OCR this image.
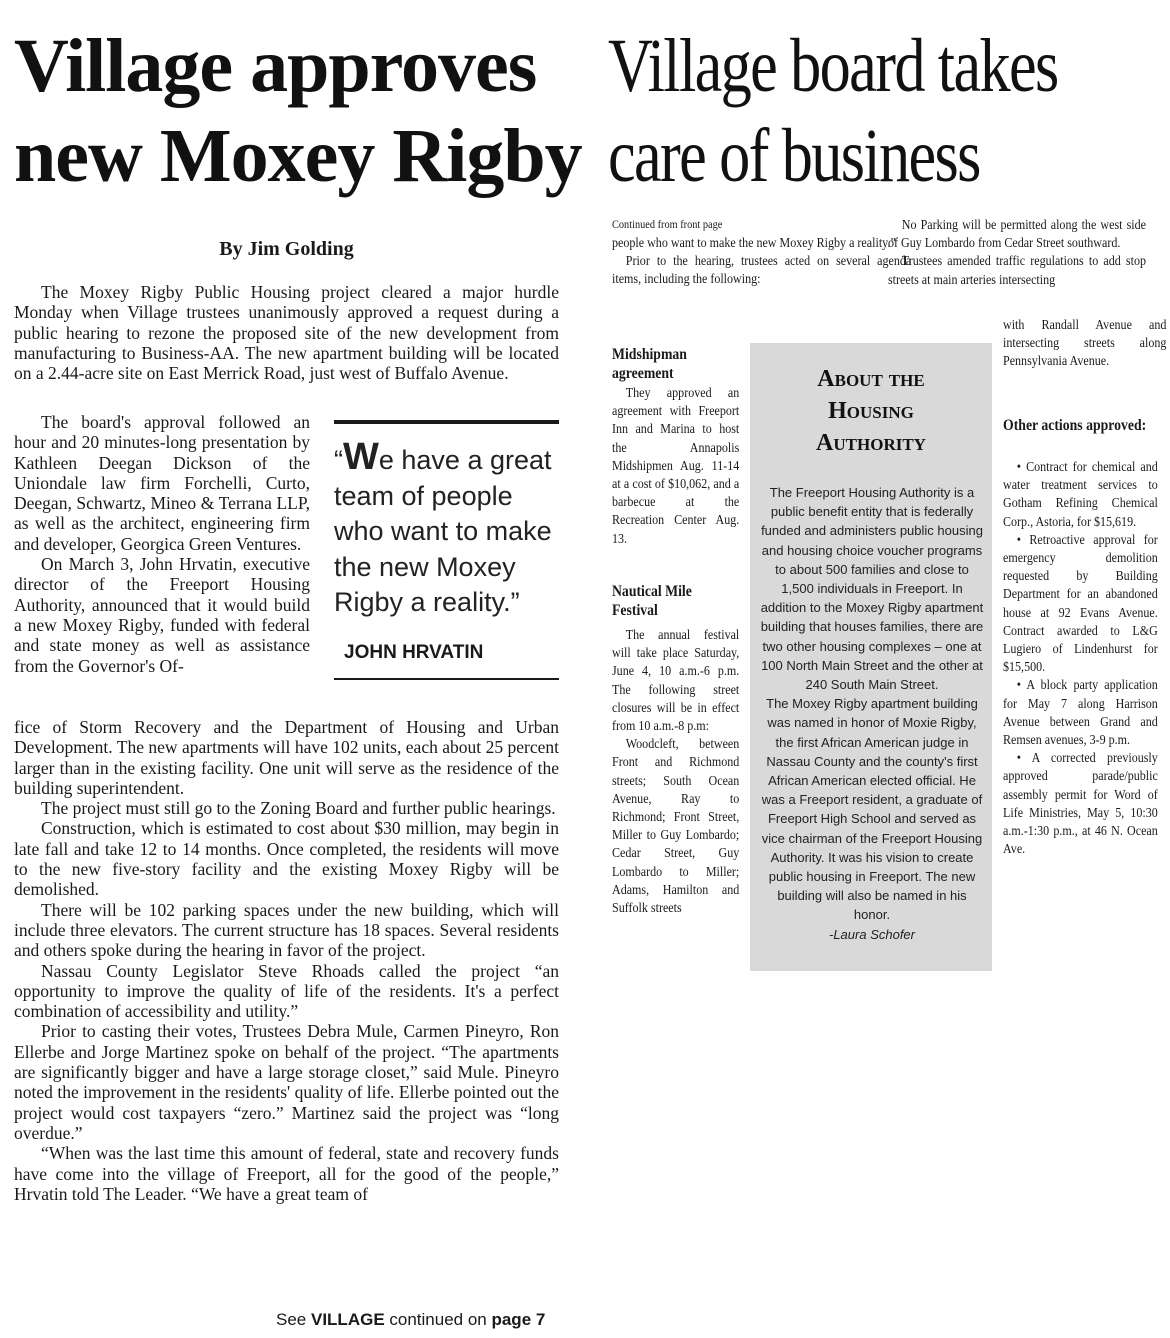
Village approves
new Moxey Rigby
By Jim Golding

The Moxey Rigby Public Housing project cleared a major hurdle Monday when Village trustees unanimously approved a request during a public hearing to rezone the proposed site of the new development from manufacturing to Business-AA. The new apartment building will be located on a 2.44-acre site on East Merrick Road, just west of Buffalo Avenue.

The board's approval followed an hour and 20 minutes-long presentation by Kathleen Deegan Dickson of the Uniondale law firm Forchelli, Curto, Deegan, Schwartz, Mineo & Terrana LLP, as well as the architect, engineering firm and developer, Georgica Green Ventures.

On March 3, John Hrvatin, executive director of the Freeport Housing Authority, announced that it would build a new Moxey Rigby, funded with federal and state money as well as assistance from the Governor's Of-

“We have a great team of people who want to make the new Moxey Rigby a reality.”
JOHN HRVATIN

fice of Storm Recovery and the Department of Housing and Urban Development. The new apartments will have 102 units, each about 25 percent larger than in the existing facility. One unit will serve as the residence of the building superintendent.

The project must still go to the Zoning Board and further public hearings.

Construction, which is estimated to cost about $30 million, may begin in late fall and take 12 to 14 months. Once completed, the residents will move to the new five-story facility and the existing Moxey Rigby will be demolished.

There will be 102 parking spaces under the new building, which will include three elevators. The current structure has 18 spaces. Several residents and others spoke during the hearing in favor of the project.

Nassau County Legislator Steve Rhoads called the project “an opportunity to improve the quality of life of the residents. It's a perfect combination of accessibility and utility.”

Prior to casting their votes, Trustees Debra Mule, Carmen Pineyro, Ron Ellerbe and Jorge Martinez spoke on behalf of the project. “The apartments are significantly bigger and have a large storage closet,” said Mule. Pineyro noted the improvement in the residents' quality of life. Ellerbe pointed out the project would cost taxpayers “zero.” Martinez said the project was “long overdue.”

“When was the last time this amount of federal, state and recovery funds have come into the village of Freeport, all for the good of the people,” Hrvatin told The Leader. “We have a great team of

See VILLAGE continued on page 7
Village board takes
care of business
Continued from front page

people who want to make the new Moxey Rigby a reality.”

Prior to the hearing, trustees acted on several agenda items, including the following:

Midshipman agreement

They approved an agreement with Freeport Inn and Marina to host the Annapolis Midshipmen Aug. 11-14 at a cost of $10,062, and a barbecue at the Recreation Center Aug. 13.

Nautical Mile Festival

The annual festival will take place Saturday, June 4, 10 a.m.-6 p.m. The following street closures will be in effect from 10 a.m.-8 p.m:

Woodcleft, between Front and Richmond streets; South Ocean Avenue, Ray to Richmond; Front Street, Miller to Guy Lombardo; Cedar Street, Guy Lombardo to Miller; Adams, Hamilton and Suffolk streets

About the
Housing
Authority

The Freeport Housing Authority is a public benefit entity that is federally funded and administers public housing and housing choice voucher programs to about 500 families and close to 1,500 individuals in Freeport. In addition to the Moxey Rigby apartment building that houses families, there are two other housing complexes – one at 100 North Main Street and the other at 240 South Main Street.

The Moxey Rigby apartment building was named in honor of Moxie Rigby, the first African American judge in Nassau County and the county's first African American elected official. He was a Freeport resident, a graduate of Freeport High School and served as vice chairman of the Freeport Housing Authority. It was his vision to create public housing in Freeport. The new building will also be named in his honor.

-Laura Schofer

No Parking will be permitted along the west side of Guy Lombardo from Cedar Street southward.

Trustees amended traffic regulations to add stop streets at main arteries intersecting

with Randall Avenue and intersecting streets along Pennsylvania Avenue.

Other actions approved:

• Contract for chemical and water treatment services to Gotham Refining Chemical Corp., Astoria, for $15,619.

• Retroactive approval for emergency demolition requested by Building Department for an abandoned house at 92 Evans Avenue. Contract awarded to L&G Lugiero of Lindenhurst for $15,500.

• A block party application for May 7 along Harrison Avenue between Grand and Remsen avenues, 3-9 p.m.

• A corrected previously approved parade/public assembly permit for Word of Life Ministries, May 5, 10:30 a.m.-1:30 p.m., at 46 N. Ocean Ave.
